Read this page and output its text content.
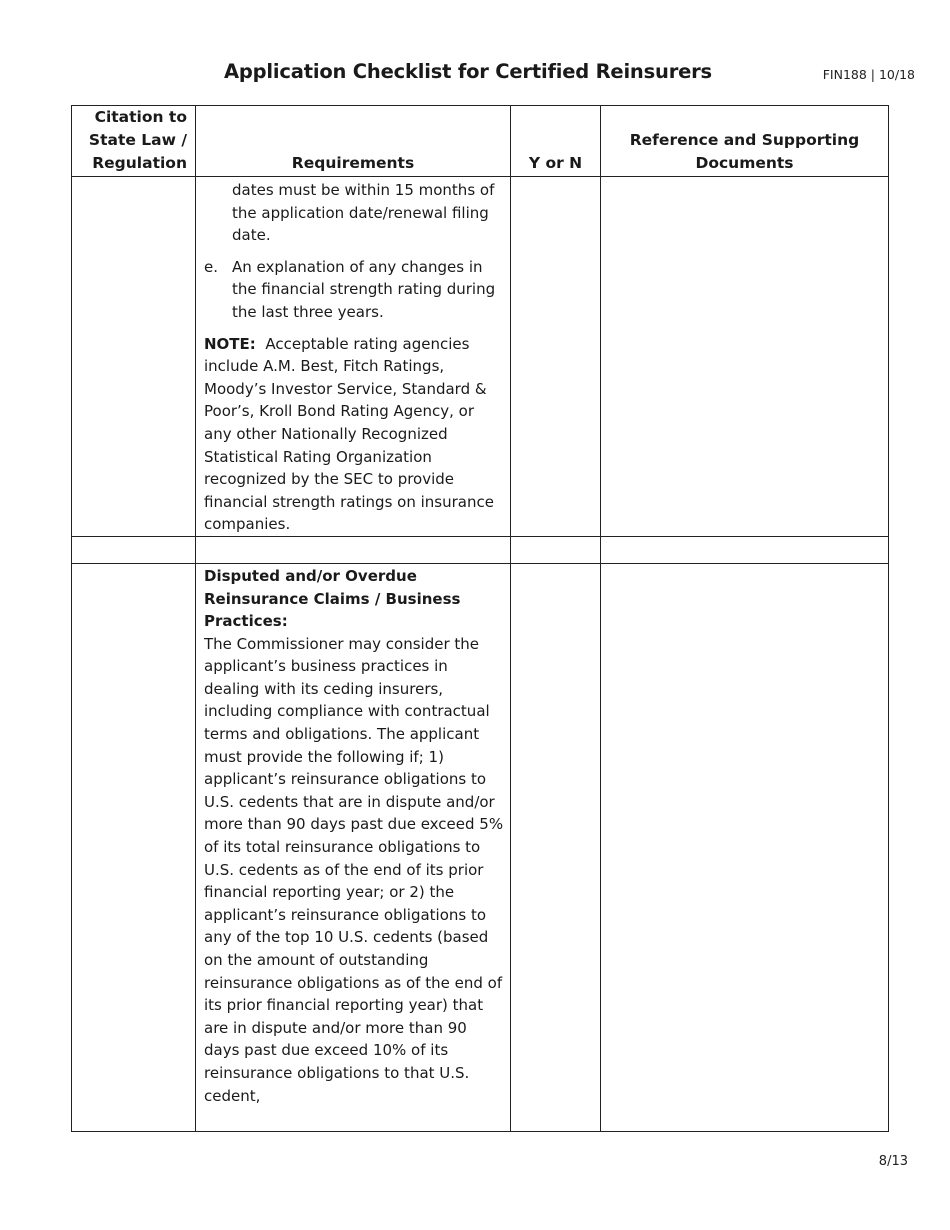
Application Checklist for Certified Reinsurers	FIN188 | 10/18
Citation to State Law / Regulation	Requirements	Y or N	Reference and Supporting Documents

	dates must be within 15 months of the application date/renewal filing date.
e. An explanation of any changes in the financial strength rating during the last three years.
NOTE: Acceptable rating agencies include A.M. Best, Fitch Ratings, Moody’s Investor Service, Standard & Poor’s, Kroll Bond Rating Agency, or any other Nationally Recognized Statistical Rating Organization recognized by the SEC to provide financial strength ratings on insurance companies.		

	Disputed and/or Overdue Reinsurance Claims / Business Practices:
The Commissioner may consider the applicant’s business practices in dealing with its ceding insurers, including compliance with contractual terms and obligations. The applicant must provide the following if; 1) applicant’s reinsurance obligations to U.S. cedents that are in dispute and/or more than 90 days past due exceed 5% of its total reinsurance obligations to U.S. cedents as of the end of its prior financial reporting year; or 2) the applicant’s reinsurance obligations to any of the top 10 U.S. cedents (based on the amount of outstanding reinsurance obligations as of the end of its prior financial reporting year) that are in dispute and/or more than 90 days past due exceed 10% of its reinsurance obligations to that U.S. cedent,		

8/13
